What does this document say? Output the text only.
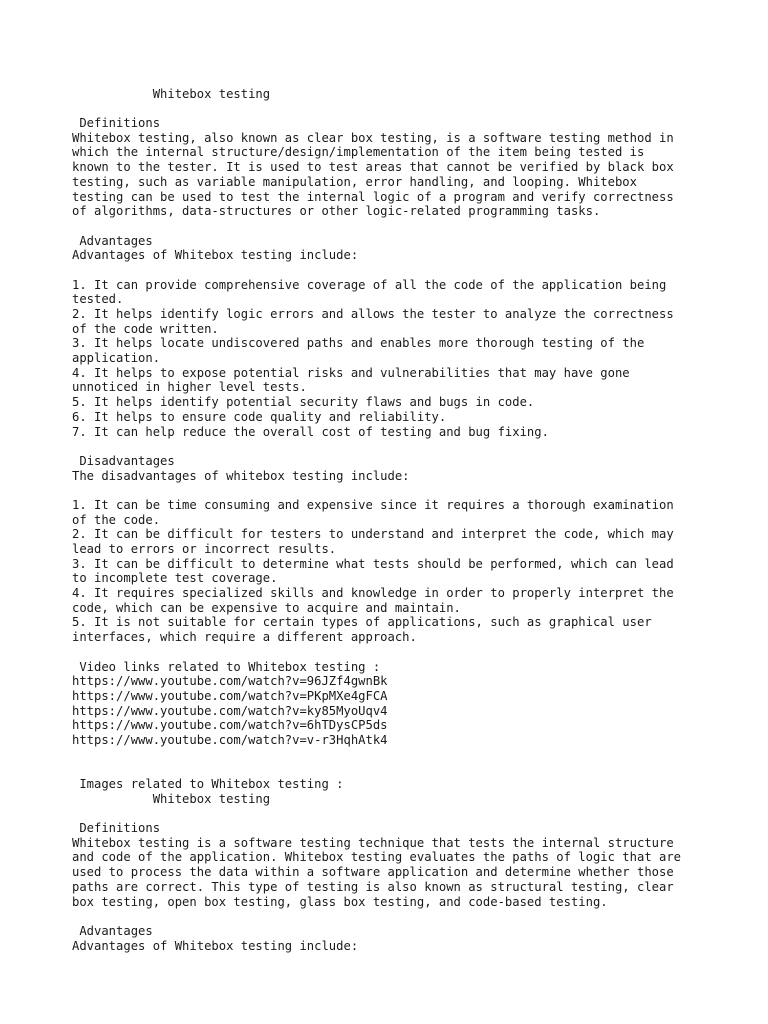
Whitebox testing

Definitions
Whitebox testing, also known as clear box testing, is a software testing method in
which the internal structure/design/implementation of the item being tested is
known to the tester. It is used to test areas that cannot be verified by black box
testing, such as variable manipulation, error handling, and looping. Whitebox
testing can be used to test the internal logic of a program and verify correctness
of algorithms, data-structures or other logic-related programming tasks.

Advantages
Advantages of Whitebox testing include:

1. It can provide comprehensive coverage of all the code of the application being
tested.
2. It helps identify logic errors and allows the tester to analyze the correctness
of the code written.
3. It helps locate undiscovered paths and enables more thorough testing of the
application.
4. It helps to expose potential risks and vulnerabilities that may have gone
unnoticed in higher level tests.
5. It helps identify potential security flaws and bugs in code.
6. It helps to ensure code quality and reliability.
7. It can help reduce the overall cost of testing and bug fixing.

Disadvantages
The disadvantages of whitebox testing include:

1. It can be time consuming and expensive since it requires a thorough examination
of the code.
2. It can be difficult for testers to understand and interpret the code, which may
lead to errors or incorrect results.
3. It can be difficult to determine what tests should be performed, which can lead
to incomplete test coverage.
4. It requires specialized skills and knowledge in order to properly interpret the
code, which can be expensive to acquire and maintain.
5. It is not suitable for certain types of applications, such as graphical user
interfaces, which require a different approach.

Video links related to Whitebox testing :
https://www.youtube.com/watch?v=96JZf4gwnBk
https://www.youtube.com/watch?v=PKpMXe4gFCA
https://www.youtube.com/watch?v=ky85MyoUqv4
https://www.youtube.com/watch?v=6hTDysCP5ds
https://www.youtube.com/watch?v=v-r3HqhAtk4

Images related to Whitebox testing :
Whitebox testing

Definitions
Whitebox testing is a software testing technique that tests the internal structure
and code of the application. Whitebox testing evaluates the paths of logic that are
used to process the data within a software application and determine whether those
paths are correct. This type of testing is also known as structural testing, clear
box testing, open box testing, glass box testing, and code-based testing.

Advantages
Advantages of Whitebox testing include:
